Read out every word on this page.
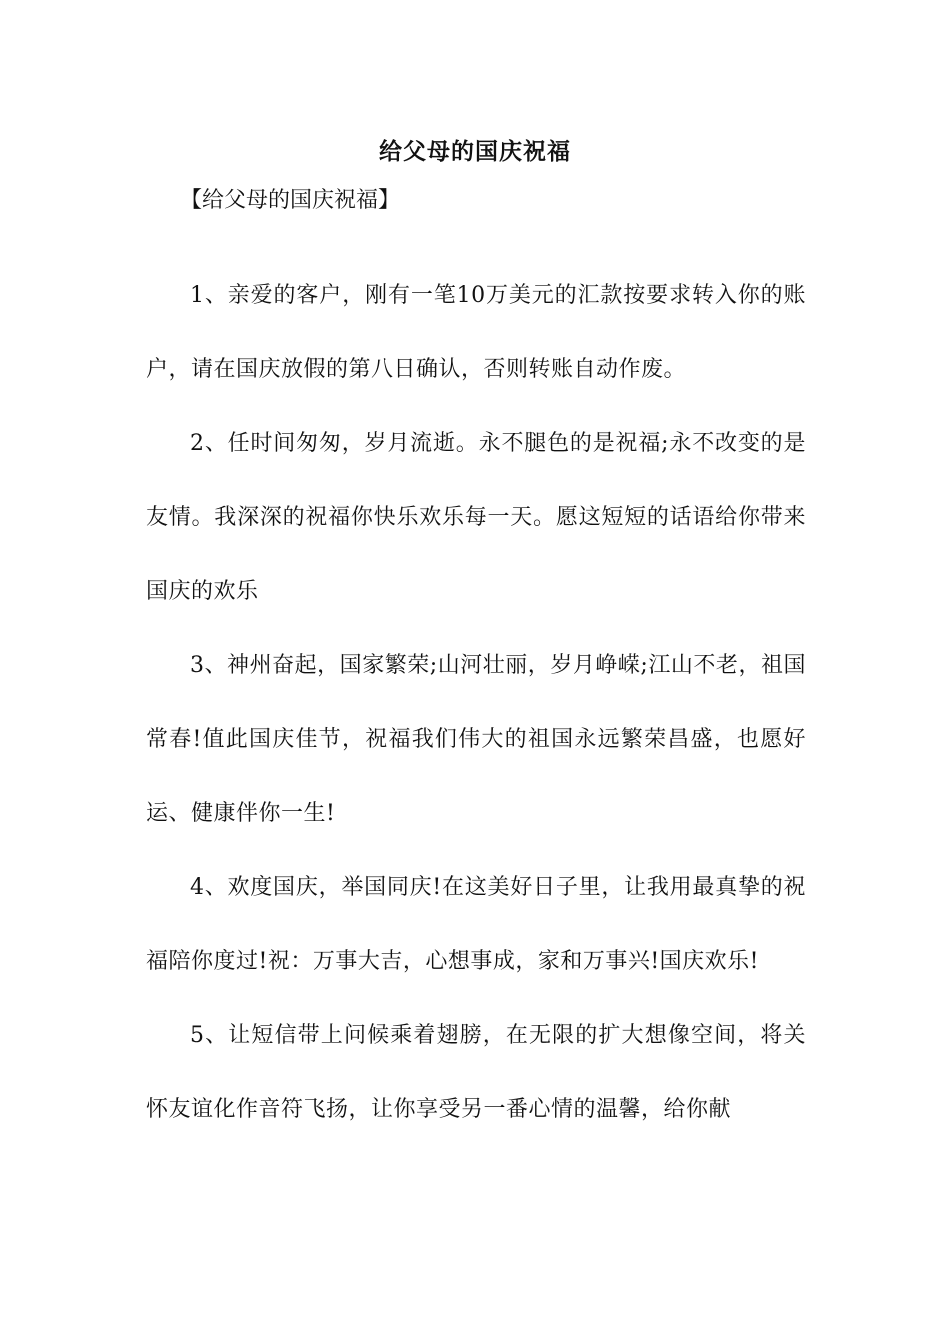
给父母的国庆祝福
【给父母的国庆祝福】

1、亲爱的客户，刚有一笔10万美元的汇款按要求转入你的账户，请在国庆放假的第八日确认，否则转账自动作废。

2、任时间匆匆，岁月流逝。永不腿色的是祝福;永不改变的是友情。我深深的祝福你快乐欢乐每一天。愿这短短的话语给你带来国庆的欢乐

3、神州奋起，国家繁荣;山河壮丽，岁月峥嵘;江山不老，祖国常春!值此国庆佳节，祝福我们伟大的祖国永远繁荣昌盛，也愿好运、健康伴你一生!

4、欢度国庆，举国同庆!在这美好日子里，让我用最真挚的祝福陪你度过!祝：万事大吉，心想事成，家和万事兴!国庆欢乐!

5、让短信带上问候乘着翅膀，在无限的扩大想像空间，将关怀友谊化作音符飞扬，让你享受另一番心情的温馨，给你献
